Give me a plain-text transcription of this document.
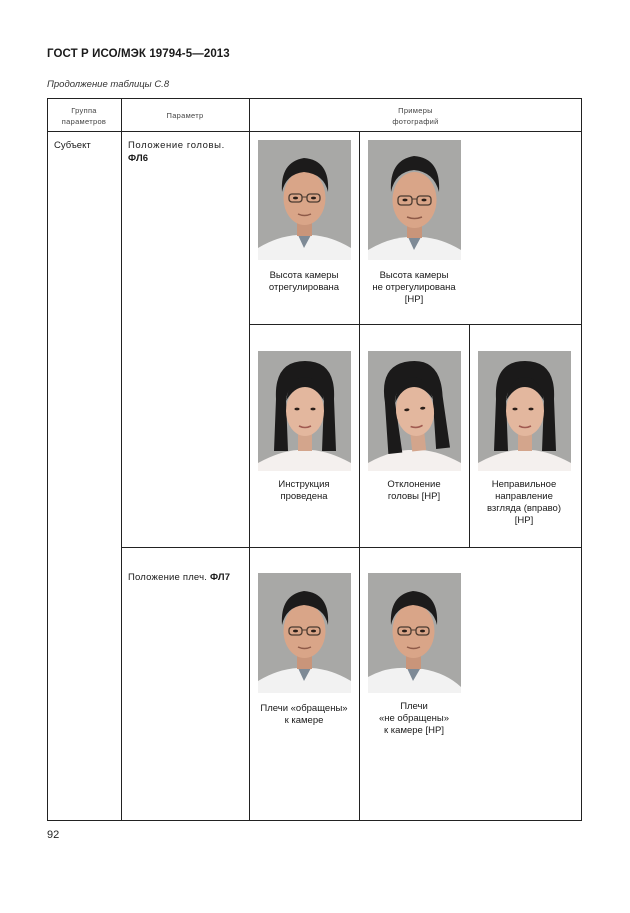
ГОСТ Р ИСО/МЭК 19794-5—2013
Продолжение таблицы С.8
Группа
параметров
Параметр
Примеры
фотографий
Субъект	Положение головы.
ФЛ6
Положение плеч. ФЛ7
Высота камеры
отрегулирована
Высота камеры
не отрегулирована
[НР]
Инструкция
проведена
Отклонение
головы [НР]
Неправильное
направление
взгляда (вправо)
[НР]
Плечи «обращены»
к камере
Плечи
«не обращены»
к камере [НР]
92
